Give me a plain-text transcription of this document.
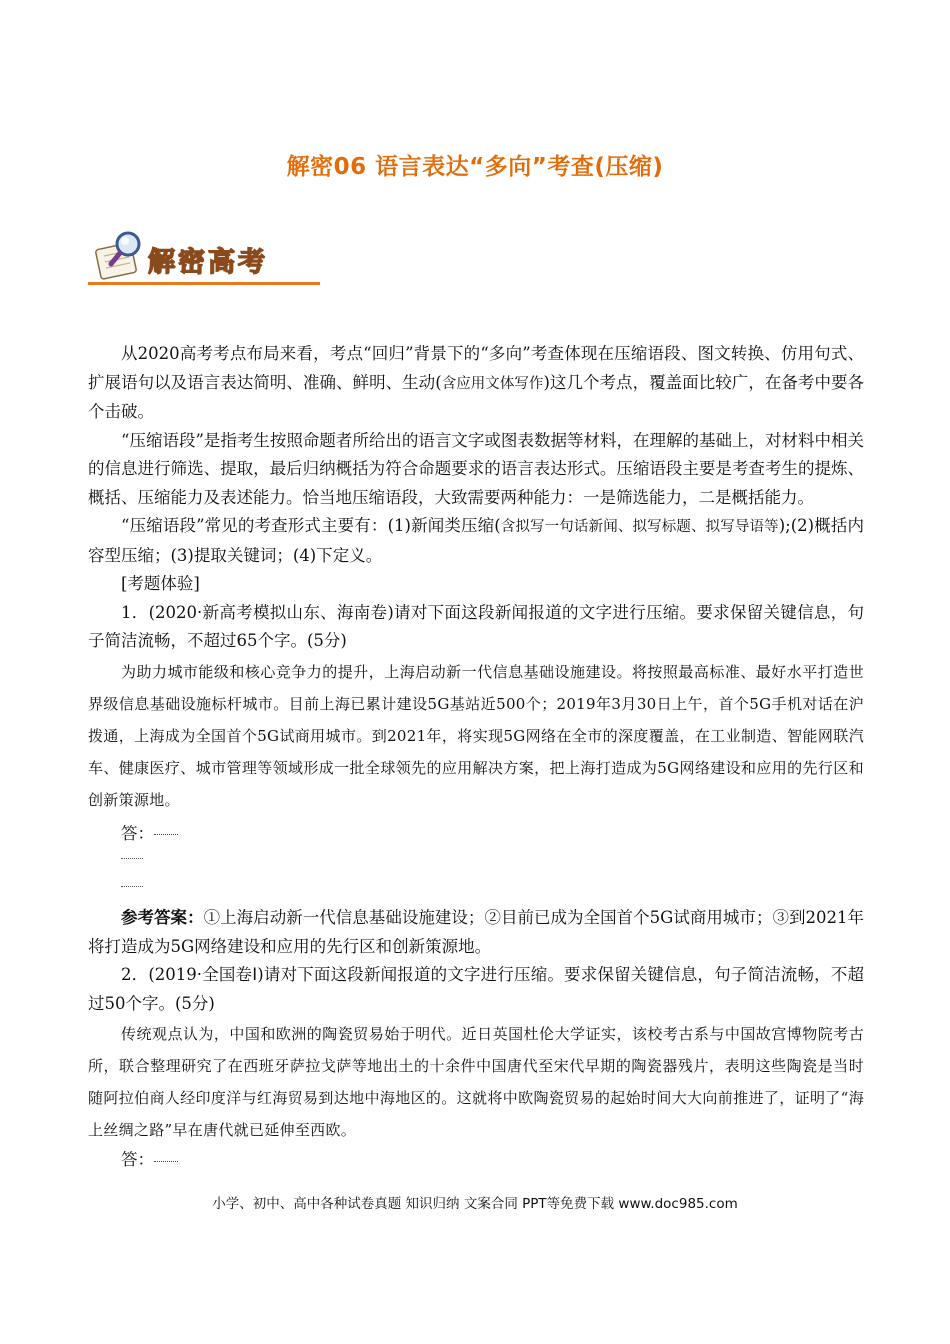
解密06 语言表达“多向”考查(压缩)
解密高考

从2020高考考点布局来看，考点“回归”背景下的“多向”考查体现在压缩语段、图文转换、仿用句式、扩展语句以及语言表达简明、准确、鲜明、生动(含应用文体写作)这几个考点，覆盖面比较广，在备考中要各个击破。

“压缩语段”是指考生按照命题者所给出的语言文字或图表数据等材料，在理解的基础上，对材料中相关的信息进行筛选、提取，最后归纳概括为符合命题要求的语言表达形式。压缩语段主要是考查考生的提炼、概括、压缩能力及表述能力。恰当地压缩语段，大致需要两种能力：一是筛选能力，二是概括能力。

“压缩语段”常见的考查形式主要有：(1)新闻类压缩(含拟写一句话新闻、拟写标题、拟写导语等);(2)概括内容型压缩；(3)提取关键词；(4)下定义。

[考题体验]

1．(2020·新高考模拟山东、海南卷)请对下面这段新闻报道的文字进行压缩。要求保留关键信息，句子简洁流畅，不超过65个字。(5分)

为助力城市能级和核心竞争力的提升，上海启动新一代信息基础设施建设。将按照最高标准、最好水平打造世界级信息基础设施标杆城市。目前上海已累计建设5G基站近500个；2019年3月30日上午，首个5G手机对话在沪拨通，上海成为全国首个5G试商用城市。到2021年，将实现5G网络在全市的深度覆盖，在工业制造、智能网联汽车、健康医疗、城市管理等领域形成一批全球领先的应用解决方案，把上海打造成为5G网络建设和应用的先行区和创新策源地。

答：

参考答案：①上海启动新一代信息基础设施建设；②目前已成为全国首个5G试商用城市；③到2021年将打造成为5G网络建设和应用的先行区和创新策源地。

2．(2019·全国卷Ⅰ)请对下面这段新闻报道的文字进行压缩。要求保留关键信息，句子简洁流畅，不超过50个字。(5分)

传统观点认为，中国和欧洲的陶瓷贸易始于明代。近日英国杜伦大学证实，该校考古系与中国故宫博物院考古所，联合整理研究了在西班牙萨拉戈萨等地出土的十余件中国唐代至宋代早期的陶瓷器残片，表明这些陶瓷是当时随阿拉伯商人经印度洋与红海贸易到达地中海地区的。这就将中欧陶瓷贸易的起始时间大大向前推进了，证明了“海上丝绸之路”早在唐代就已延伸至西欧。

答：

小学、初中、高中各种试卷真题 知识归纳 文案合同 PPT等免费下载 www.doc985.com
